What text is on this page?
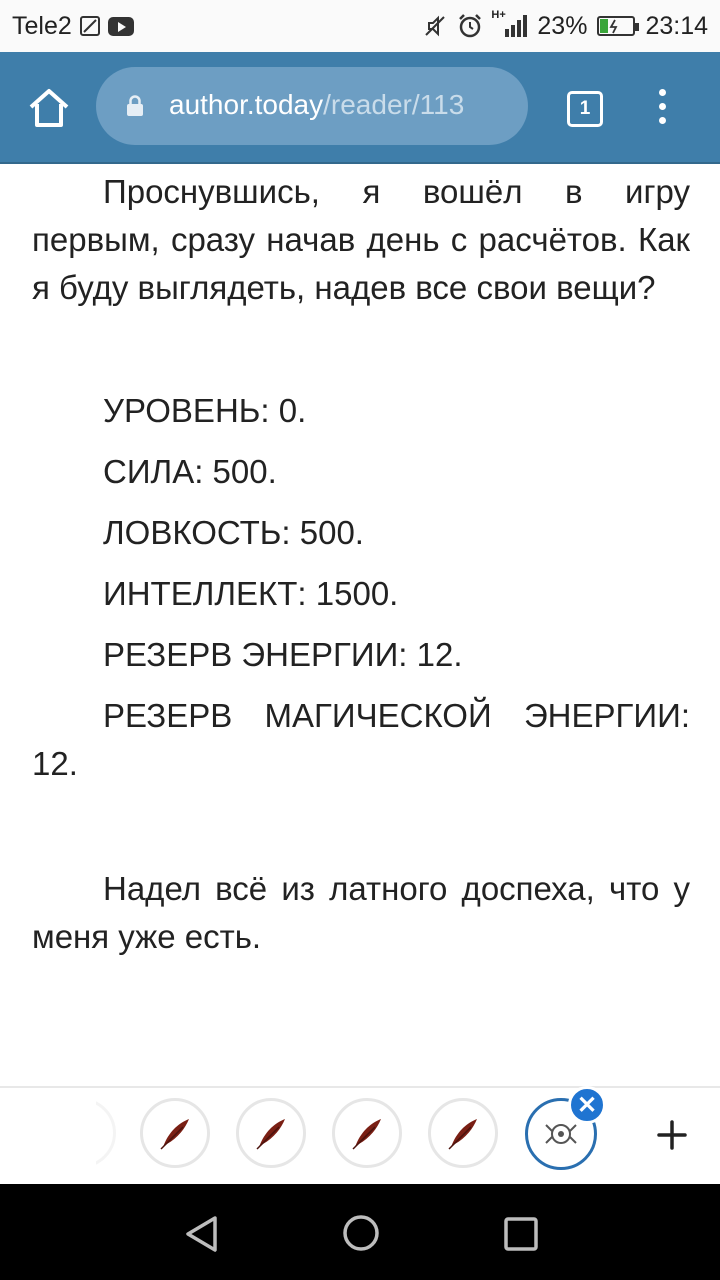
Tele2	H+ 23% 23:14
author.today/reader/113	1

Проснувшись, я вошёл в игру первым, сразу начав день с расчётов. Как я буду выглядеть, надев все свои вещи?

УРОВЕНЬ: 0.

СИЛА: 500.

ЛОВКОСТЬ: 500.

ИНТЕЛЛЕКТ: 1500.

РЕЗЕРВ ЭНЕРГИИ: 12.

РЕЗЕРВ МАГИЧЕСКОЙ ЭНЕРГИИ: 12.

Надел всё из латного доспеха, что у меня уже есть.

✕
